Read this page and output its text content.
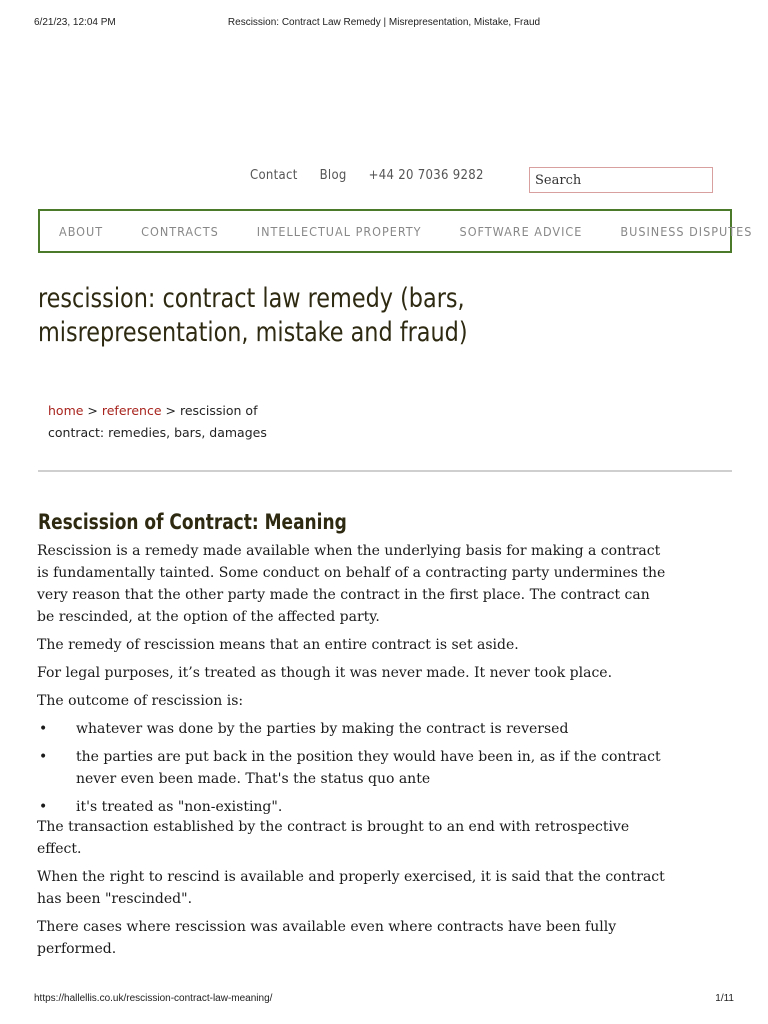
6/21/23, 12:04 PM	Rescission: Contract Law Remedy | Misrepresentation, Mistake, Fraud
Contact Blog +44 20 7036 9282
Search
ABOUT	CONTRACTS	INTELLECTUAL PROPERTY	SOFTWARE ADVICE	BUSINESS DISPUTES
rescission: contract law remedy (bars, misrepresentation, mistake and fraud)
home > reference > rescission of contract: remedies, bars, damages
Rescission of Contract: Meaning

Rescission is a remedy made available when the underlying basis for making a contract is fundamentally tainted. Some conduct on behalf of a contracting party undermines the very reason that the other party made the contract in the first place. The contract can be rescinded, at the option of the affected party.

The remedy of rescission means that an entire contract is set aside.

For legal purposes, it’s treated as though it was never made. It never took place.

The outcome of rescission is:

• whatever was done by the parties by making the contract is reversed
• the parties are put back in the position they would have been in, as if the contract never even been made. That's the status quo ante
• it's treated as "non-existing".

The transaction established by the contract is brought to an end with retrospective effect.

When the right to rescind is available and properly exercised, it is said that the contract has been "rescinded".

There cases where rescission was available even where contracts have been fully performed.

https://hallellis.co.uk/rescission-contract-law-meaning/	1/11
